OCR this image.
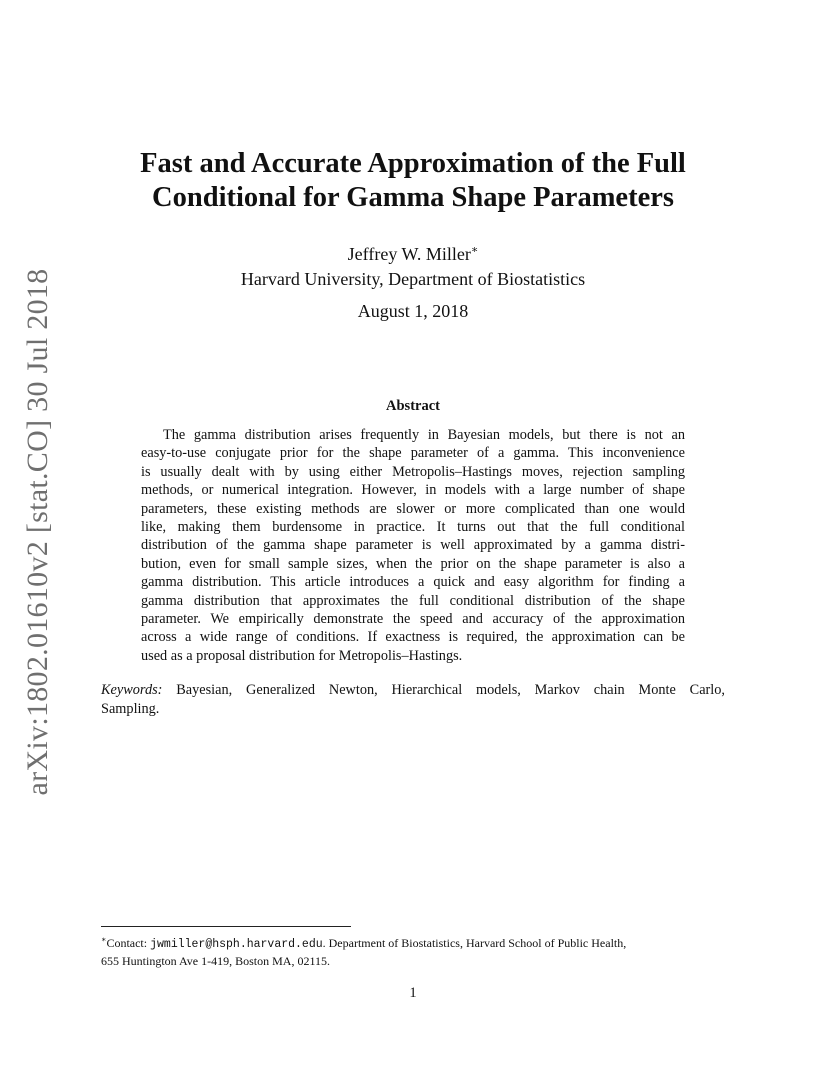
arXiv:1802.01610v2 [stat.CO] 30 Jul 2018
Fast and Accurate Approximation of the Full
Conditional for Gamma Shape Parameters
Jeffrey W. Miller∗
Harvard University, Department of Biostatistics
August 1, 2018
Abstract
The gamma distribution arises frequently in Bayesian models, but there is not an
easy-to-use conjugate prior for the shape parameter of a gamma. This inconvenience
is usually dealt with by using either Metropolis–Hastings moves, rejection sampling
methods, or numerical integration. However, in models with a large number of shape
parameters, these existing methods are slower or more complicated than one would
like, making them burdensome in practice. It turns out that the full conditional
distribution of the gamma shape parameter is well approximated by a gamma distri-
bution, even for small sample sizes, when the prior on the shape parameter is also a
gamma distribution. This article introduces a quick and easy algorithm for finding a
gamma distribution that approximates the full conditional distribution of the shape
parameter. We empirically demonstrate the speed and accuracy of the approximation
across a wide range of conditions. If exactness is required, the approximation can be
used as a proposal distribution for Metropolis–Hastings.
Keywords: Bayesian, Generalized Newton, Hierarchical models, Markov chain Monte Carlo,
Sampling.
∗Contact: jwmiller@hsph.harvard.edu. Department of Biostatistics, Harvard School of Public Health,
655 Huntington Ave 1-419, Boston MA, 02115.
1
